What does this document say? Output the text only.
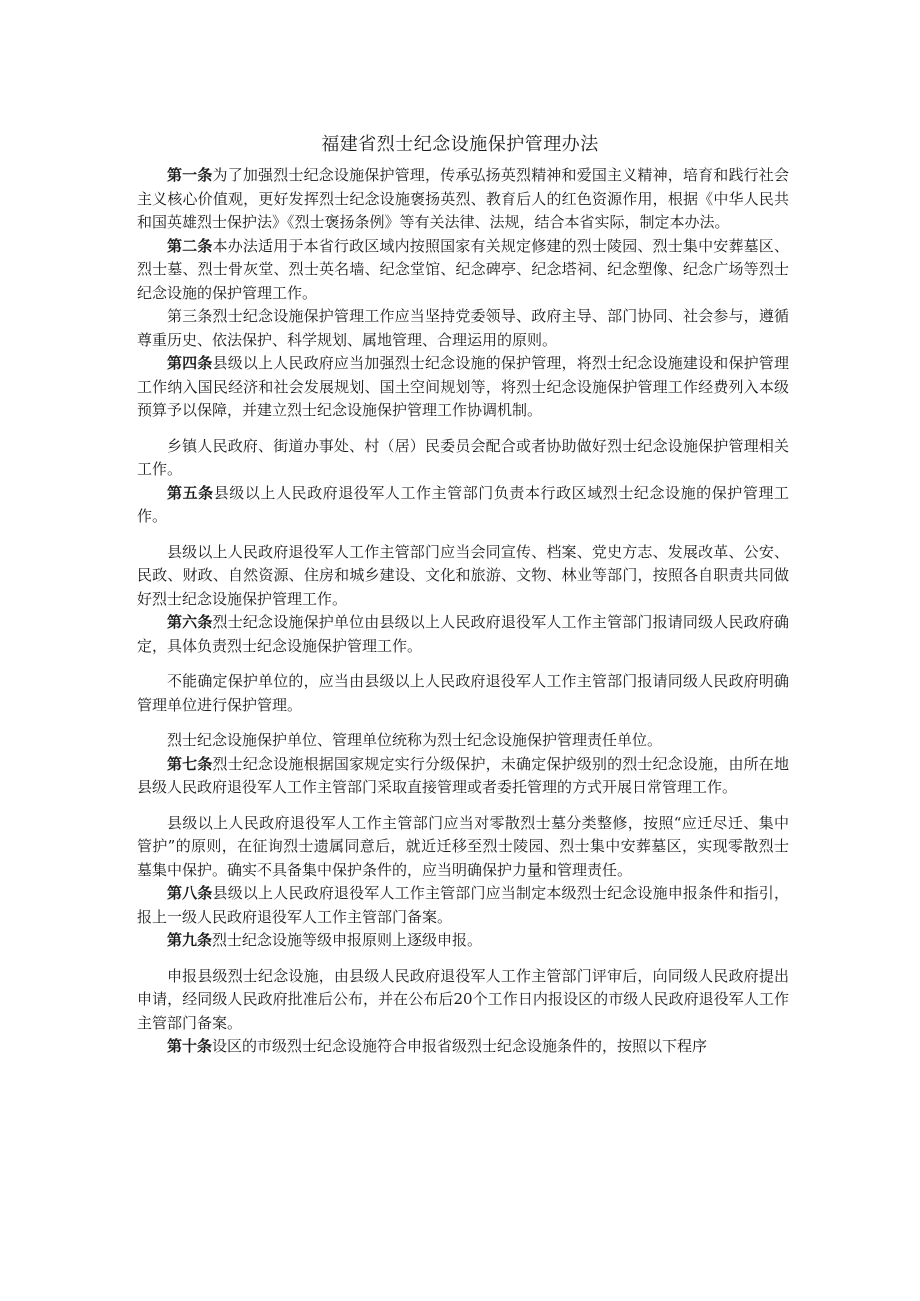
福建省烈士纪念设施保护管理办法

第一条为了加强烈士纪念设施保护管理，传承弘扬英烈精神和爱国主义精神，培育和践行社会主义核心价值观，更好发挥烈士纪念设施褒扬英烈、教育后人的红色资源作用，根据《中华人民共和国英雄烈士保护法》《烈士褒扬条例》等有关法律、法规，结合本省实际，制定本办法。

第二条本办法适用于本省行政区域内按照国家有关规定修建的烈士陵园、烈士集中安葬墓区、烈士墓、烈士骨灰堂、烈士英名墙、纪念堂馆、纪念碑亭、纪念塔祠、纪念塑像、纪念广场等烈士纪念设施的保护管理工作。

第三条烈士纪念设施保护管理工作应当坚持党委领导、政府主导、部门协同、社会参与，遵循尊重历史、依法保护、科学规划、属地管理、合理运用的原则。

第四条县级以上人民政府应当加强烈士纪念设施的保护管理，将烈士纪念设施建设和保护管理工作纳入国民经济和社会发展规划、国土空间规划等，将烈士纪念设施保护管理工作经费列入本级预算予以保障，并建立烈士纪念设施保护管理工作协调机制。

乡镇人民政府、街道办事处、村（居）民委员会配合或者协助做好烈士纪念设施保护管理相关工作。

第五条县级以上人民政府退役军人工作主管部门负责本行政区域烈士纪念设施的保护管理工作。

县级以上人民政府退役军人工作主管部门应当会同宣传、档案、党史方志、发展改革、公安、民政、财政、自然资源、住房和城乡建设、文化和旅游、文物、林业等部门，按照各自职责共同做好烈士纪念设施保护管理工作。

第六条烈士纪念设施保护单位由县级以上人民政府退役军人工作主管部门报请同级人民政府确定，具体负责烈士纪念设施保护管理工作。

不能确定保护单位的，应当由县级以上人民政府退役军人工作主管部门报请同级人民政府明确管理单位进行保护管理。

烈士纪念设施保护单位、管理单位统称为烈士纪念设施保护管理责任单位。

第七条烈士纪念设施根据国家规定实行分级保护，未确定保护级别的烈士纪念设施，由所在地县级人民政府退役军人工作主管部门采取直接管理或者委托管理的方式开展日常管理工作。

县级以上人民政府退役军人工作主管部门应当对零散烈士墓分类整修，按照“应迁尽迁、集中管护”的原则，在征询烈士遗属同意后，就近迁移至烈士陵园、烈士集中安葬墓区，实现零散烈士墓集中保护。确实不具备集中保护条件的，应当明确保护力量和管理责任。

第八条县级以上人民政府退役军人工作主管部门应当制定本级烈士纪念设施申报条件和指引，报上一级人民政府退役军人工作主管部门备案。

第九条烈士纪念设施等级申报原则上逐级申报。

申报县级烈士纪念设施，由县级人民政府退役军人工作主管部门评审后，向同级人民政府提出申请，经同级人民政府批准后公布，并在公布后20个工作日内报设区的市级人民政府退役军人工作主管部门备案。

第十条设区的市级烈士纪念设施符合申报省级烈士纪念设施条件的，按照以下程序
